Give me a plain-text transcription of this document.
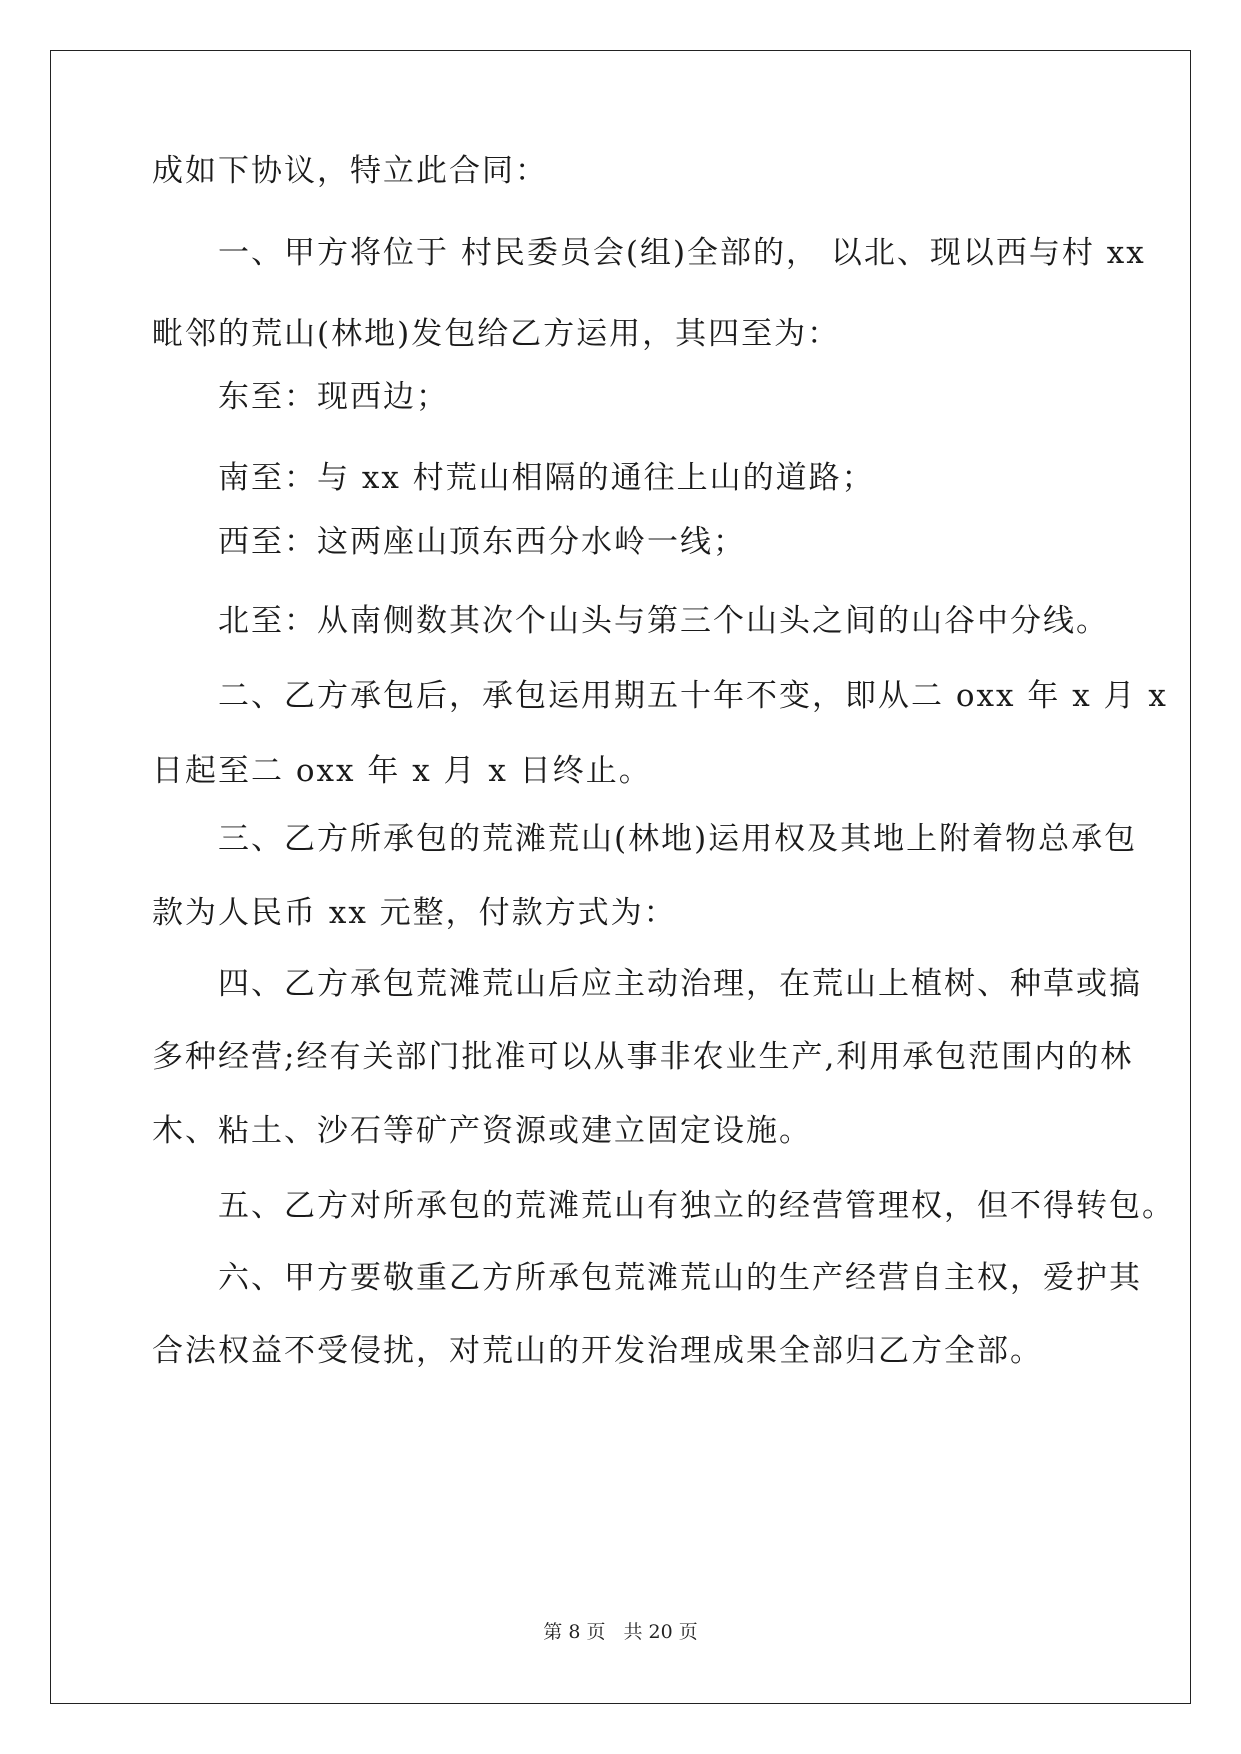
成如下协议，特立此合同：
　　一、甲方将位于 村民委员会(组)全部的， 以北、现以西与村 xx
毗邻的荒山(林地)发包给乙方运用，其四至为：
　　东至：现西边；
　　南至：与 xx 村荒山相隔的通往上山的道路；
　　西至：这两座山顶东西分水岭一线；
　　北至：从南侧数其次个山头与第三个山头之间的山谷中分线。
　　二、乙方承包后，承包运用期五十年不变，即从二 oxx 年 x 月 x
日起至二 oxx 年 x 月 x 日终止。
　　三、乙方所承包的荒滩荒山(林地)运用权及其地上附着物总承包
款为人民币 xx 元整，付款方式为：
　　四、乙方承包荒滩荒山后应主动治理，在荒山上植树、种草或搞
多种经营;经有关部门批准可以从事非农业生产,利用承包范围内的林
木、粘土、沙石等矿产资源或建立固定设施。
　　五、乙方对所承包的荒滩荒山有独立的经营管理权，但不得转包。
　　六、甲方要敬重乙方所承包荒滩荒山的生产经营自主权，爱护其
合法权益不受侵扰，对荒山的开发治理成果全部归乙方全部。
第 8 页 共 20 页
